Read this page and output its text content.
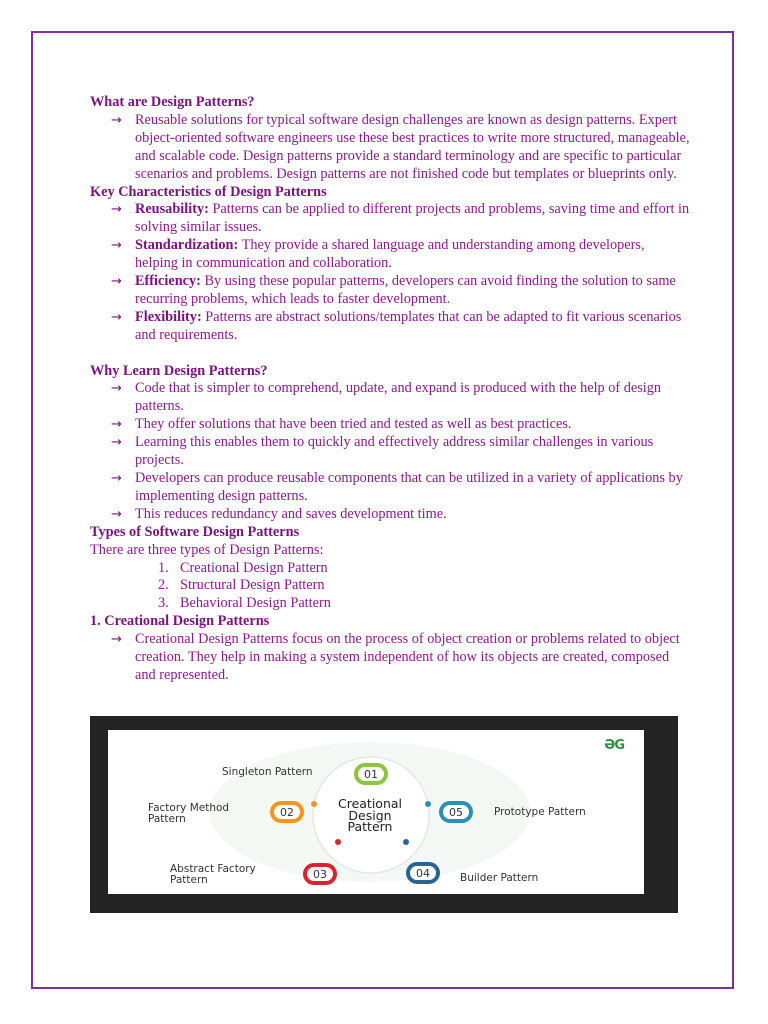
What are Design Patterns?
→ Reusable solutions for typical software design challenges are known as design patterns. Expert object-oriented software engineers use these best practices to write more structured, manageable, and scalable code. Design patterns provide a standard terminology and are specific to particular scenarios and problems. Design patterns are not finished code but templates or blueprints only.
Key Characteristics of Design Patterns
→ Reusability: Patterns can be applied to different projects and problems, saving time and effort in solving similar issues.
→ Standardization: They provide a shared language and understanding among developers, helping in communication and collaboration.
→ Efficiency: By using these popular patterns, developers can avoid finding the solution to same recurring problems, which leads to faster development.
→ Flexibility: Patterns are abstract solutions/templates that can be adapted to fit various scenarios and requirements.
Why Learn Design Patterns?
→ Code that is simpler to comprehend, update, and expand is produced with the help of design patterns.
→ They offer solutions that have been tried and tested as well as best practices.
→ Learning this enables them to quickly and effectively address similar challenges in various projects.
→ Developers can produce reusable components that can be utilized in a variety of applications by implementing design patterns.
→ This reduces redundancy and saves development time.
Types of Software Design Patterns
There are three types of Design Patterns:
1. Creational Design Pattern
2. Structural Design Pattern
3. Behavioral Design Pattern
1. Creational Design Patterns
→ Creational Design Patterns focus on the process of object creation or problems related to object creation. They help in making a system independent of how its objects are created, composed and represented.
ƏG
Creational
Design
Pattern
01
02
03	04
05
Singleton Pattern
Factory Method
Pattern
Abstract Factory
Pattern	Builder Pattern
Prototype Pattern
